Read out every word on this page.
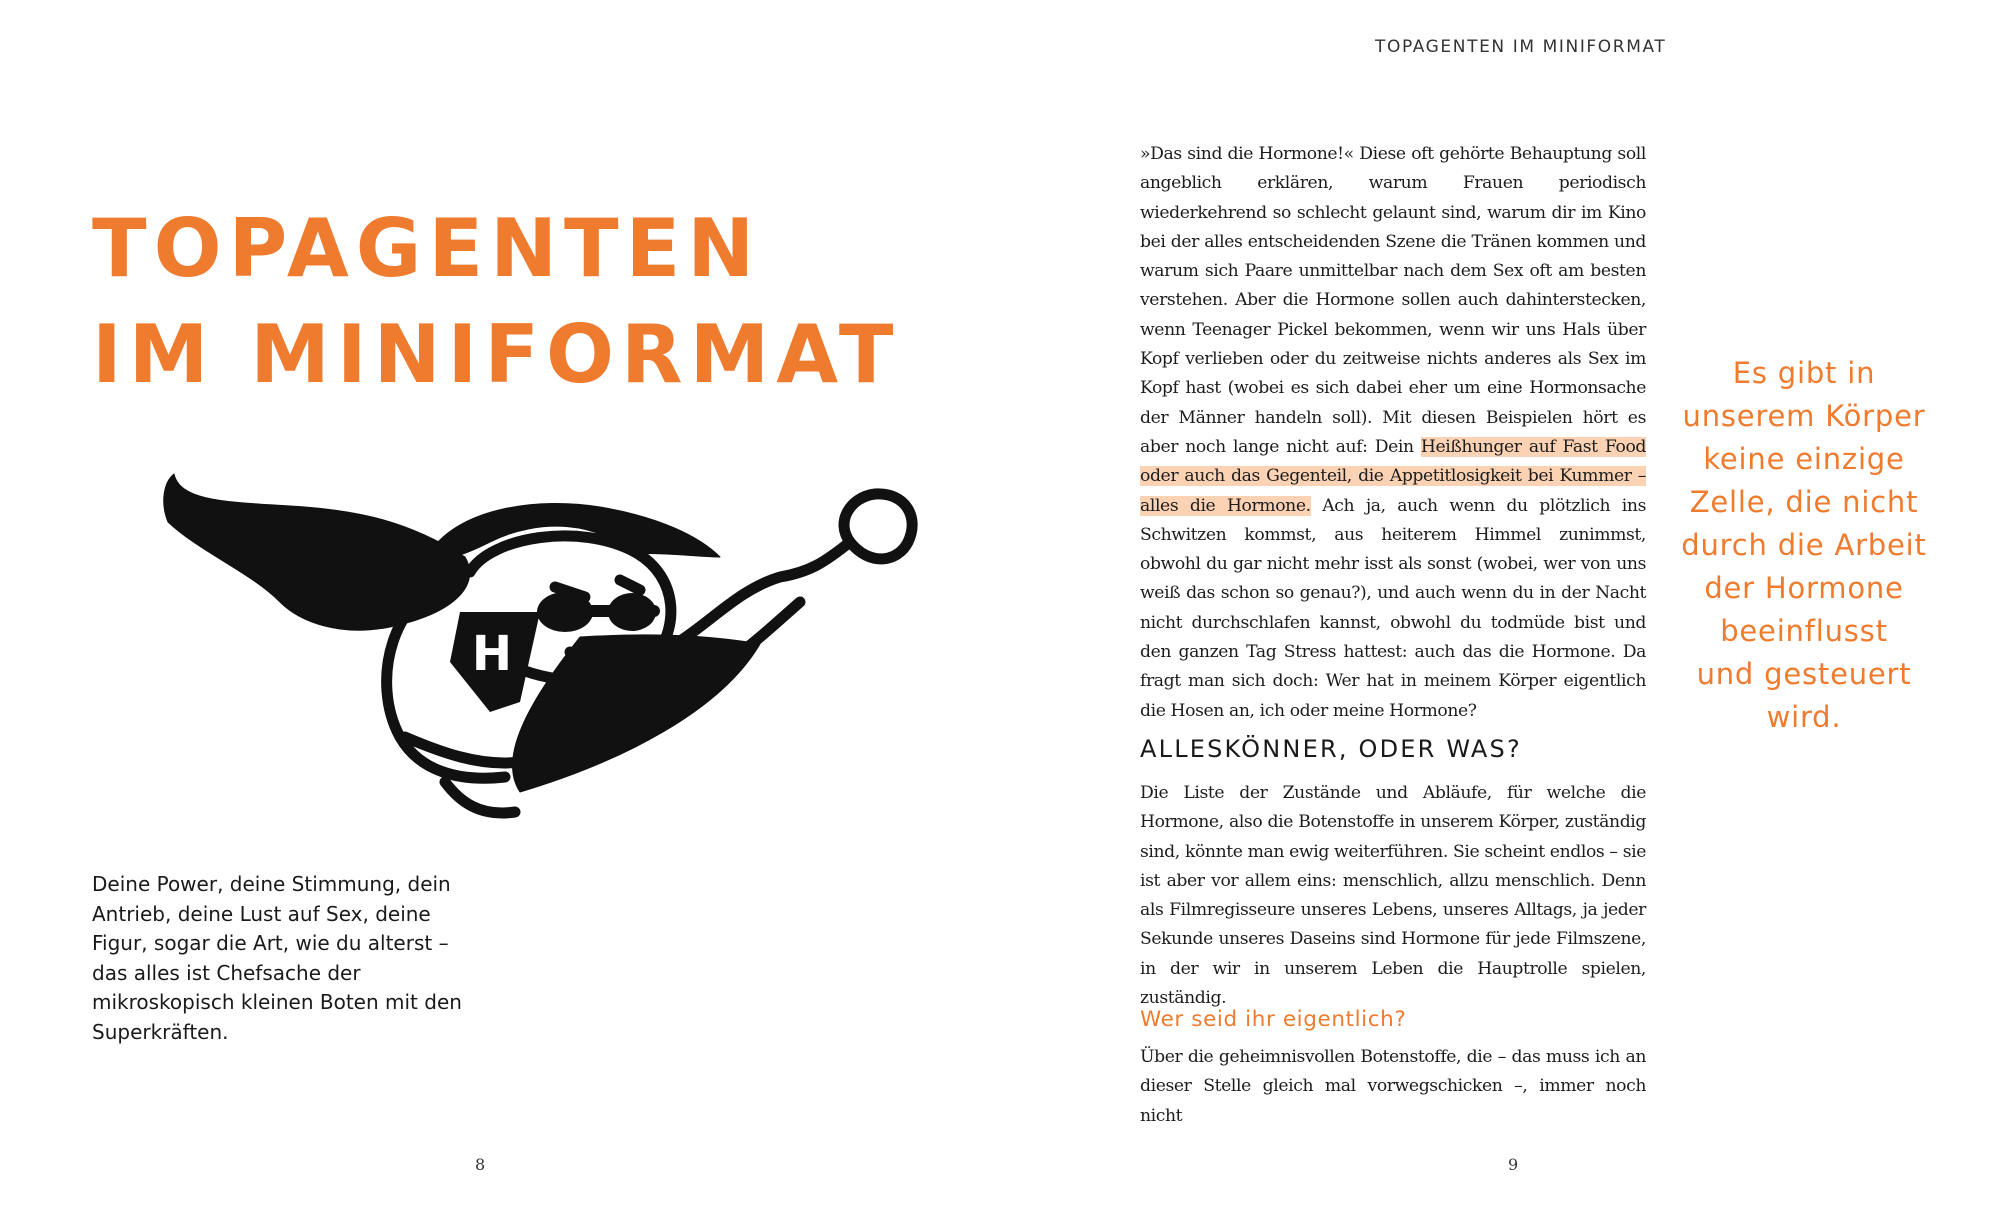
TOPAGENTEN
IM MINIFORMAT
H
Deine Power, deine Stimmung, dein Antrieb, deine Lust auf Sex, deine Figur, sogar die Art, wie du alterst – das alles ist Chefsache der mikroskopisch kleinen Boten mit den Superkräften.
8
TOPAGENTEN IM MINIFORMAT

»Das sind die Hormone!« Diese oft gehörte Behauptung soll angeblich erklären, warum Frauen periodisch wiederkehrend so schlecht gelaunt sind, warum dir im Kino bei der alles entscheidenden Szene die Tränen kommen und warum sich Paare unmittelbar nach dem Sex oft am besten verstehen. Aber die Hormone sollen auch dahinterstecken, wenn Teenager Pickel bekommen, wenn wir uns Hals über Kopf verlieben oder du zeitweise nichts anderes als Sex im Kopf hast (wobei es sich dabei eher um eine Hormonsache der Männer handeln soll). Mit diesen Beispielen hört es aber noch lange nicht auf: Dein Heißhunger auf Fast Food oder auch das Gegenteil, die Appetitlosigkeit bei Kummer – alles die Hormone. Ach ja, auch wenn du plötzlich ins Schwitzen kommst, aus heiterem Himmel zunimmst, obwohl du gar nicht mehr isst als sonst (wobei, wer von uns weiß das schon so genau?), und auch wenn du in der Nacht nicht durchschlafen kannst, obwohl du todmüde bist und den ganzen Tag Stress hattest: auch das die Hormone. Da fragt man sich doch: Wer hat in meinem Körper eigentlich die Hosen an, ich oder meine Hormone?

ALLESKÖNNER, ODER WAS?

Die Liste der Zustände und Abläufe, für welche die Hormone, also die Botenstoffe in unserem Körper, zuständig sind, könnte man ewig weiterführen. Sie scheint endlos – sie ist aber vor allem eins: menschlich, allzu menschlich. Denn als Filmregisseure unseres Lebens, unseres Alltags, ja jeder Sekunde unseres Daseins sind Hormone für jede Filmszene, in der wir in unserem Leben die Hauptrolle spielen, zuständig.

Wer seid ihr eigentlich?

Über die geheimnisvollen Botenstoffe, die – das muss ich an dieser Stelle gleich mal vorwegschicken –, immer noch nicht

Es gibt in
unserem Körper
keine einzige
Zelle, die nicht
durch die Arbeit
der Hormone
beeinflusst
und gesteuert
wird.
9
